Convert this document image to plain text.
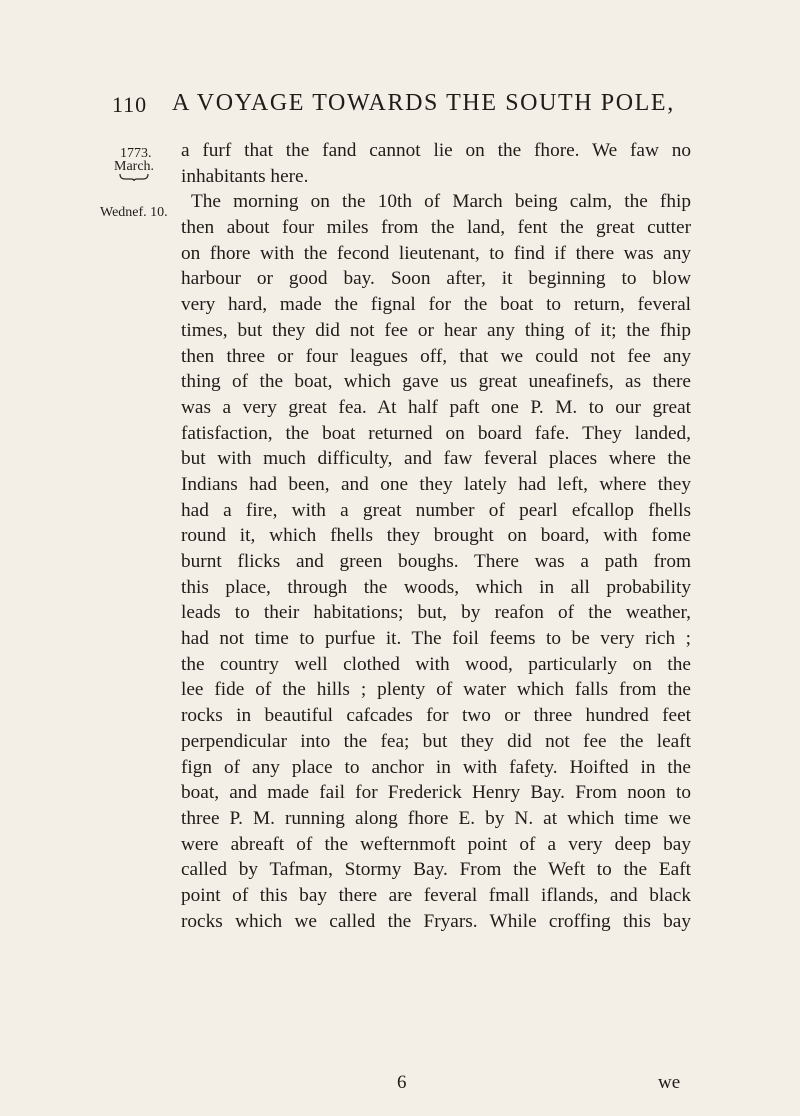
110 A VOYAGE TOWARDS THE SOUTH POLE,
1773.
March.
Wednef. 10.
a furf that the fand cannot lie on the fhore. We faw no
inhabitants here.
The morning on the 10th of March being calm, the fhip
then about four miles from the land, fent the great cutter
on fhore with the fecond lieutenant, to find if there was any
harbour or good bay. Soon after, it beginning to blow
very hard, made the fignal for the boat to return, feveral
times, but they did not fee or hear any thing of it; the fhip
then three or four leagues off, that we could not fee any
thing of the boat, which gave us great uneafinefs, as there
was a very great fea. At half paft one P. M. to our great
fatisfaction, the boat returned on board fafe. They landed,
but with much difficulty, and faw feveral places where the
Indians had been, and one they lately had left, where they
had a fire, with a great number of pearl efcallop fhells
round it, which fhells they brought on board, with fome
burnt flicks and green boughs. There was a path from
this place, through the woods, which in all probability
leads to their habitations; but, by reafon of the weather,
had not time to purfue it. The foil feems to be very rich ;
the country well clothed with wood, particularly on the
lee fide of the hills ; plenty of water which falls from the
rocks in beautiful cafcades for two or three hundred feet
perpendicular into the fea; but they did not fee the leaft
fign of any place to anchor in with fafety. Hoifted in the
boat, and made fail for Frederick Henry Bay. From noon to
three P. M. running along fhore E. by N. at which time we
were abreaft of the wefternmoft point of a very deep bay
called by Tafman, Stormy Bay. From the Weft to the Eaft
point of this bay there are feveral fmall iflands, and black
rocks which we called the Fryars. While croffing this bay
6	we
